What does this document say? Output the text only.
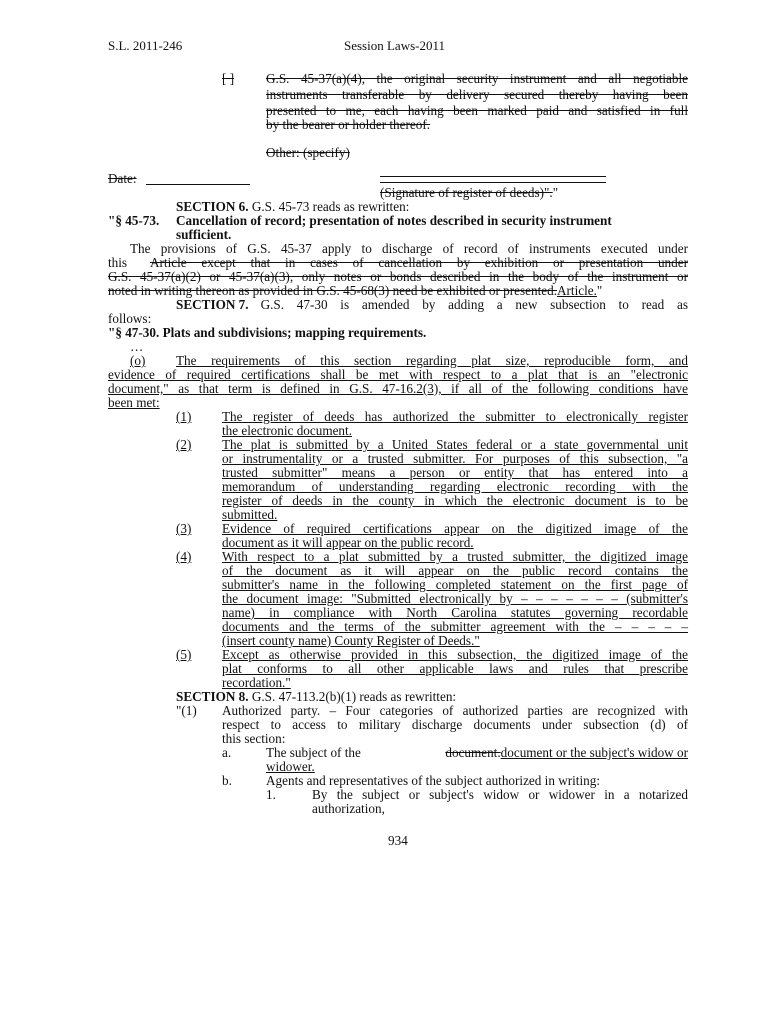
S.L. 2011-246	Session Laws-2011
[ ] G.S. 45-37(a)(4), the original security instrument and all negotiable
instruments transferable by delivery secured thereby having been
presented to me, each having been marked paid and satisfied in full
by the bearer or holder thereof.
Other: (specify)
Date:
(Signature of register of deeds)"."
SECTION 6. G.S. 45-73 reads as rewritten:
"§ 45-73. Cancellation of record; presentation of notes described in security instrument
sufficient.
The provisions of G.S. 45-37 apply to discharge of record of instruments executed under
this Article except that in cases of cancellation by exhibition or presentation under
G.S. 45-37(a)(2) or 45-37(a)(3), only notes or bonds described in the body of the instrument or
noted in writing thereon as provided in G.S. 45-68(3) need be exhibited or presented.Article."
SECTION 7. G.S. 47-30 is amended by adding a new subsection to read as
follows:
"§ 47-30. Plats and subdivisions; mapping requirements.
…
(o) The requirements of this section regarding plat size, reproducible form, and
evidence of required certifications shall be met with respect to a plat that is an "electronic
document," as that term is defined in G.S. 47-16.2(3), if all of the following conditions have
been met:
(1) The register of deeds has authorized the submitter to electronically register
the electronic document.
(2) The plat is submitted by a United States federal or a state governmental unit
or instrumentality or a trusted submitter. For purposes of this subsection, "a
trusted submitter" means a person or entity that has entered into a
memorandum of understanding regarding electronic recording with the
register of deeds in the county in which the electronic document is to be
submitted.
(3) Evidence of required certifications appear on the digitized image of the
document as it will appear on the public record.
(4) With respect to a plat submitted by a trusted submitter, the digitized image
of the document as it will appear on the public record contains the
submitter's name in the following completed statement on the first page of
the document image: "Submitted electronically by – – – – – – – (submitter's
name) in compliance with North Carolina statutes governing recordable
documents and the terms of the submitter agreement with the – – – – –
(insert county name) County Register of Deeds."
(5) Except as otherwise provided in this subsection, the digitized image of the
plat conforms to all other applicable laws and rules that prescribe
recordation."
SECTION 8. G.S. 47-113.2(b)(1) reads as rewritten:
"(1) Authorized party. – Four categories of authorized parties are recognized with
respect to access to military discharge documents under subsection (d) of
this section:
a.	The subject of the	document.document or the subject's widow or
widower.
b.	Agents and representatives of the subject authorized in writing:
1.	By the subject or subject's widow or widower in a notarized
authorization,
934
